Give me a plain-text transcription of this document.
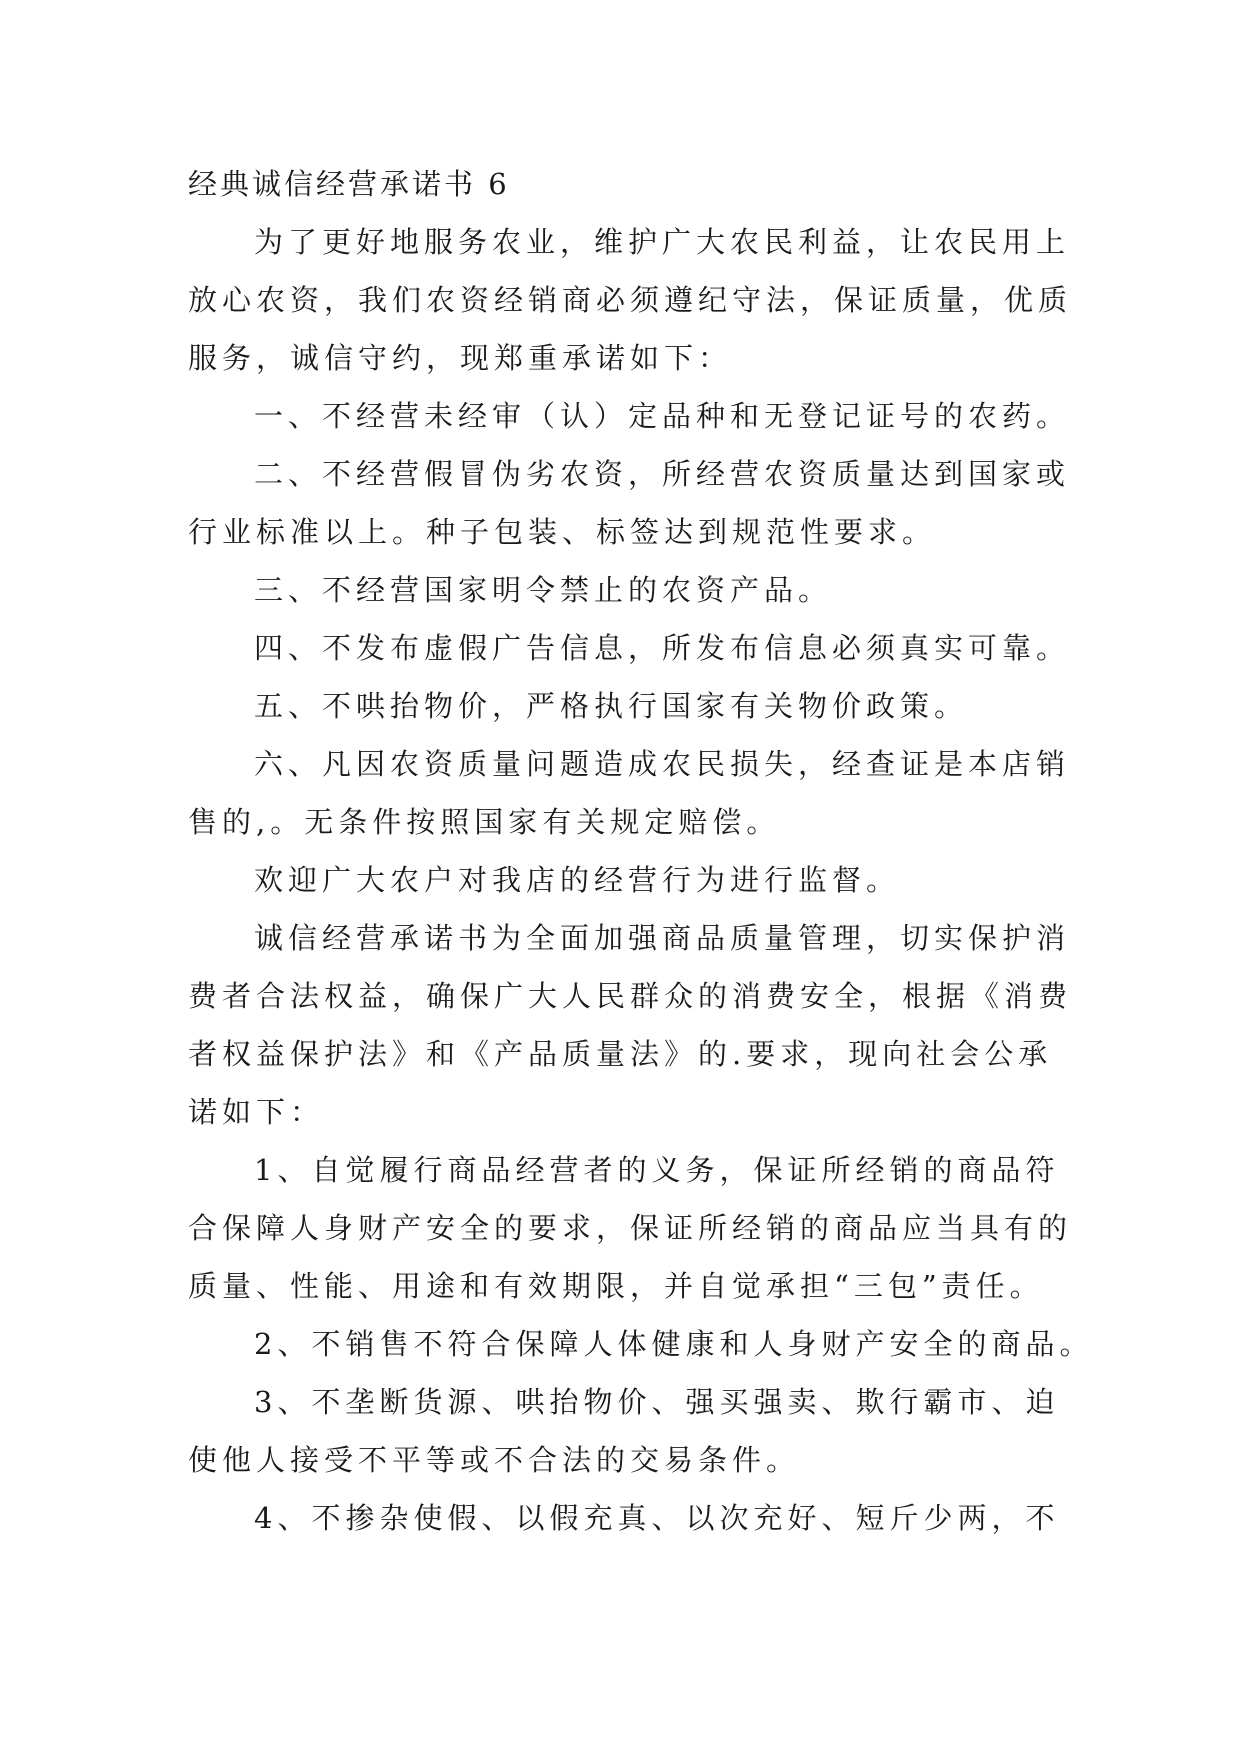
经典诚信经营承诺书 6
为了更好地服务农业，维护广大农民利益，让农民用上
放心农资，我们农资经销商必须遵纪守法，保证质量，优质
服务，诚信守约，现郑重承诺如下：
一、不经营未经审（认）定品种和无登记证号的农药。
二、不经营假冒伪劣农资，所经营农资质量达到国家或
行业标准以上。种子包装、标签达到规范性要求。
三、不经营国家明令禁止的农资产品。
四、不发布虚假广告信息，所发布信息必须真实可靠。
五、不哄抬物价，严格执行国家有关物价政策。
六、凡因农资质量问题造成农民损失，经查证是本店销
售的,。无条件按照国家有关规定赔偿。
欢迎广大农户对我店的经营行为进行监督。
诚信经营承诺书为全面加强商品质量管理，切实保护消
费者合法权益，确保广大人民群众的消费安全，根据《消费
者权益保护法》和《产品质量法》的.要求，现向社会公承
诺如下：
1、自觉履行商品经营者的义务，保证所经销的商品符
合保障人身财产安全的要求，保证所经销的商品应当具有的
质量、性能、用途和有效期限，并自觉承担“三包”责任。
2、不销售不符合保障人体健康和人身财产安全的商品。
3、不垄断货源、哄抬物价、强买强卖、欺行霸市、迫
使他人接受不平等或不合法的交易条件。
4、不掺杂使假、以假充真、以次充好、短斤少两，不
